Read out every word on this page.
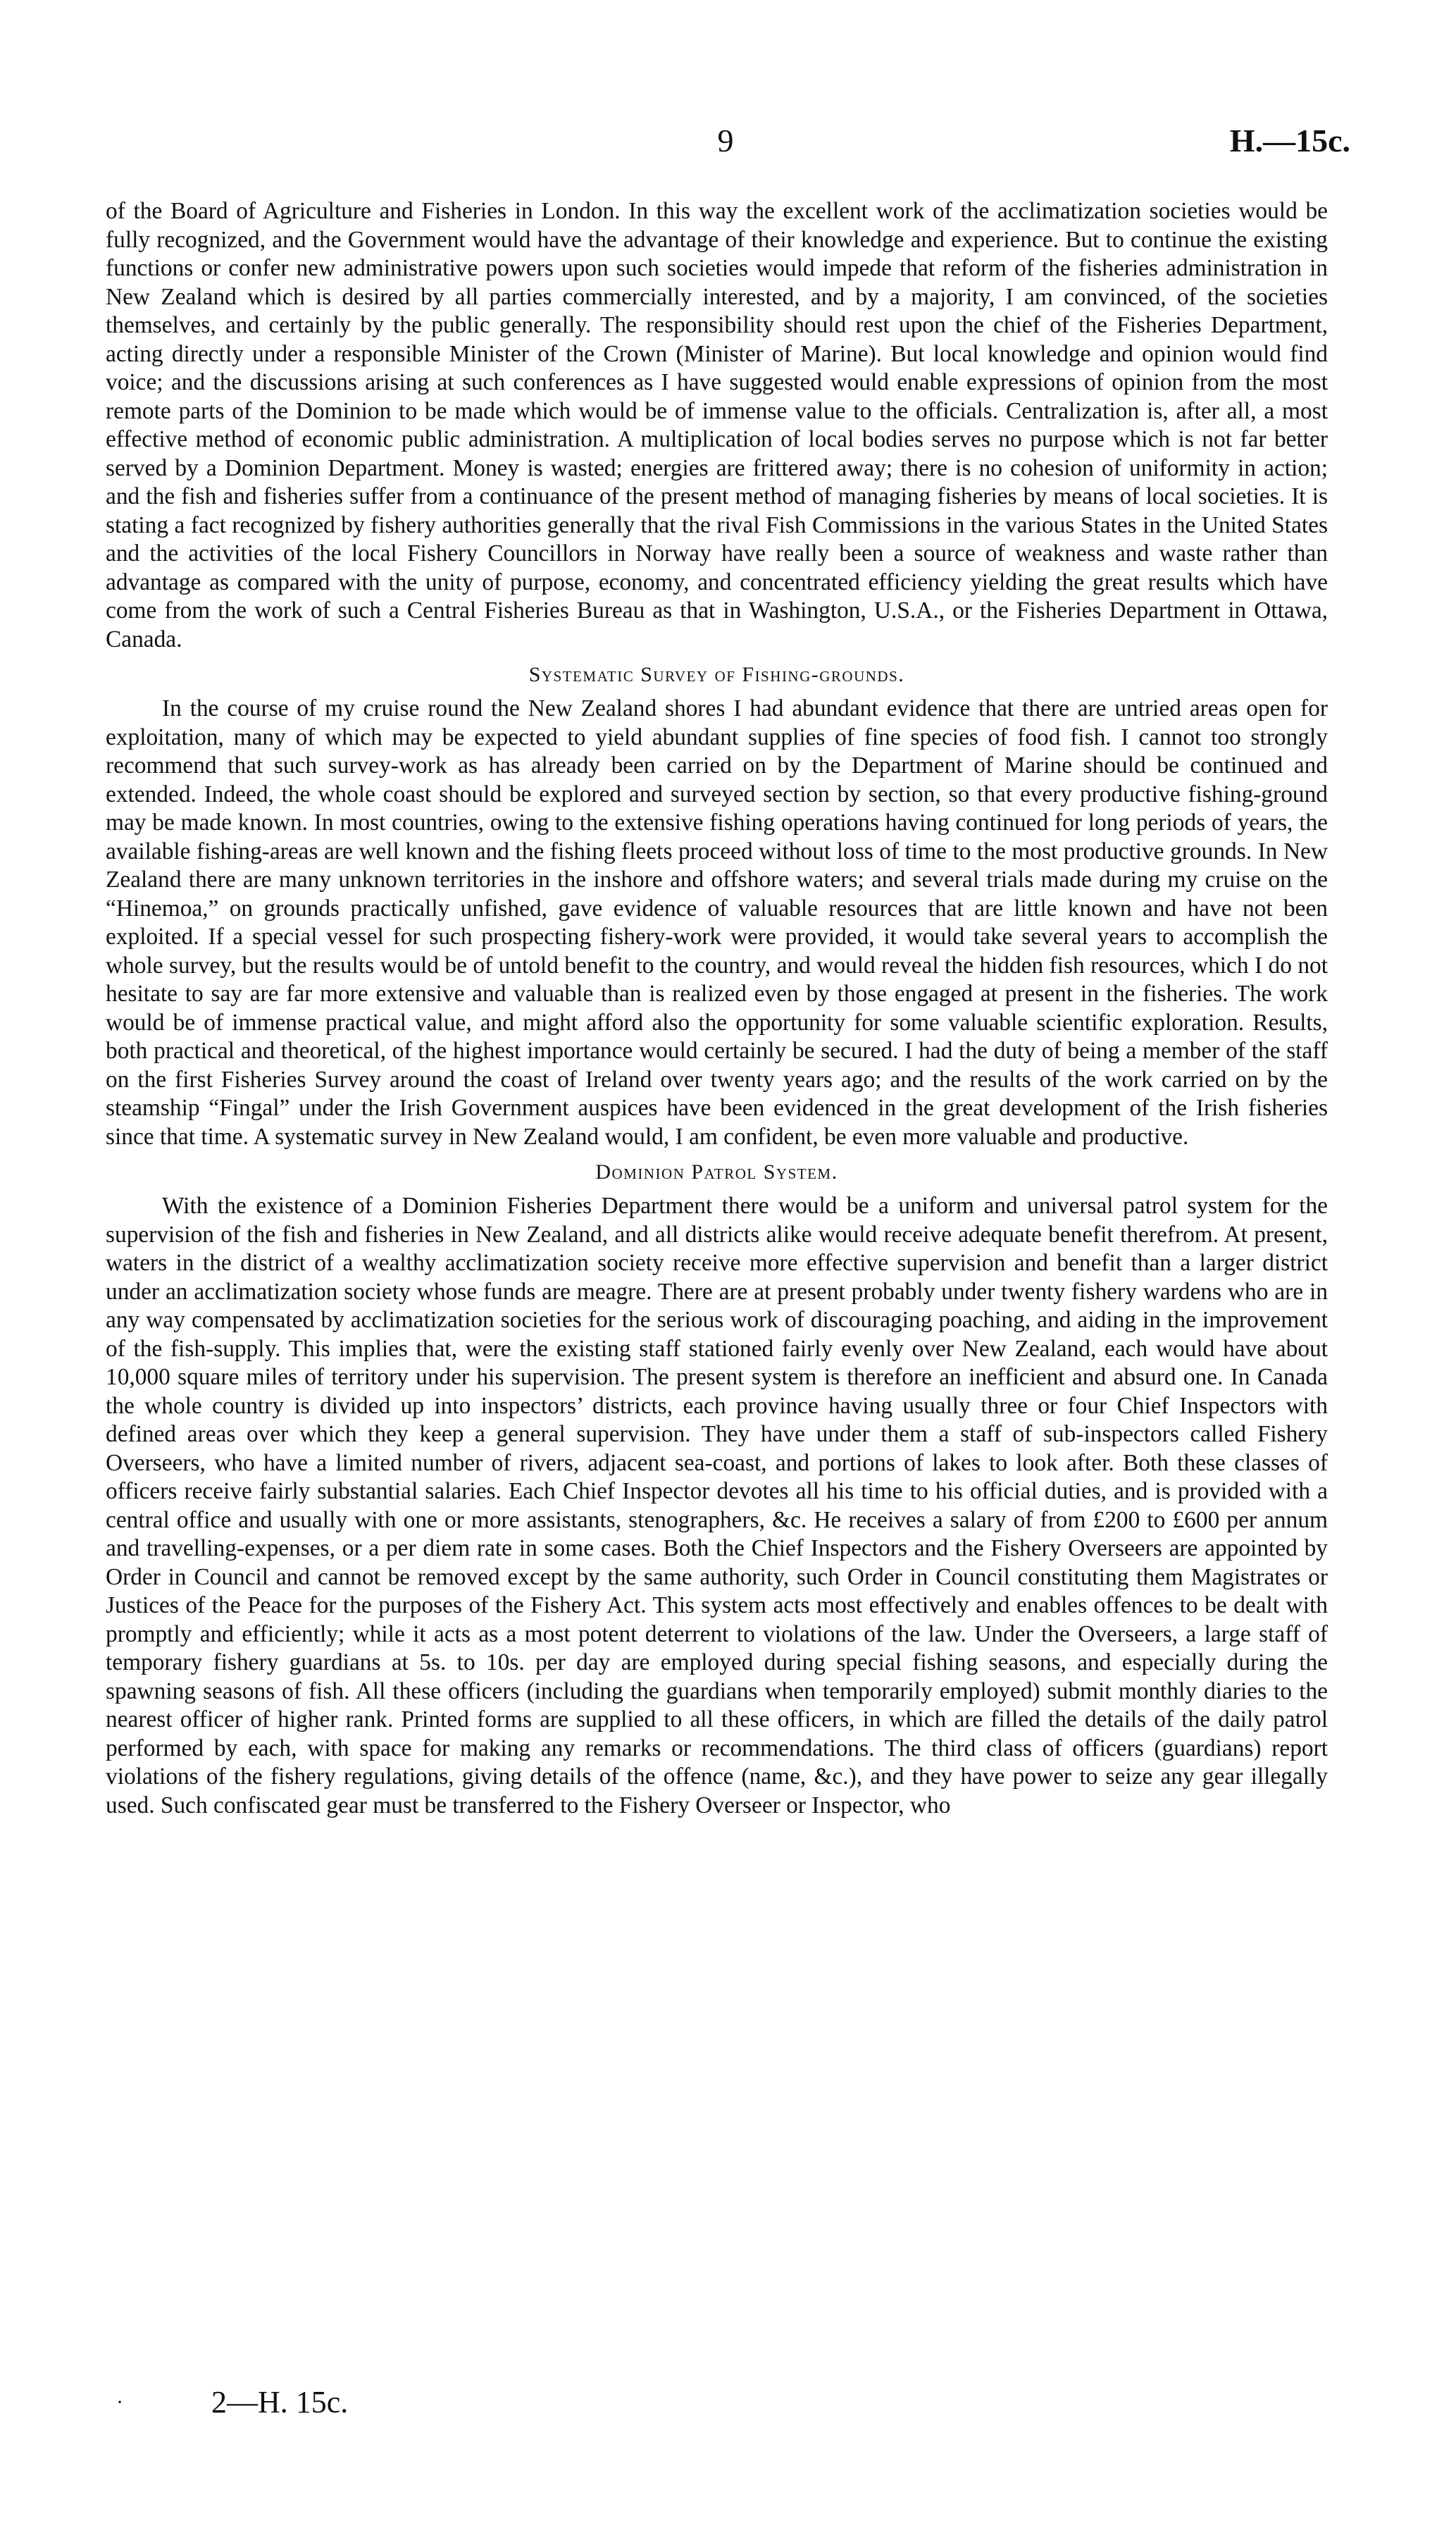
9	H.—15c.

of the Board of Agriculture and Fisheries in London. In this way the excellent work of the acclimatization societies would be fully recognized, and the Government would have the advantage of their knowledge and experience. But to continue the existing functions or confer new administrative powers upon such societies would impede that reform of the fisheries administration in New Zealand which is desired by all parties commercially interested, and by a majority, I am convinced, of the societies themselves, and certainly by the public generally. The responsibility should rest upon the chief of the Fisheries Department, acting directly under a responsible Minister of the Crown (Minister of Marine). But local knowledge and opinion would find voice; and the discussions arising at such conferences as I have suggested would enable expressions of opinion from the most remote parts of the Dominion to be made which would be of immense value to the officials. Centralization is, after all, a most effective method of economic public administration. A multiplication of local bodies serves no purpose which is not far better served by a Dominion Department. Money is wasted; energies are frittered away; there is no cohesion of uniformity in action; and the fish and fisheries suffer from a continuance of the present method of managing fisheries by means of local societies. It is stating a fact recognized by fishery authorities generally that the rival Fish Commissions in the various States in the United States and the activities of the local Fishery Councillors in Norway have really been a source of weakness and waste rather than advantage as compared with the unity of purpose, economy, and concentrated efficiency yielding the great results which have come from the work of such a Central Fisheries Bureau as that in Washington, U.S.A., or the Fisheries Department in Ottawa, Canada.

Systematic Survey of Fishing-grounds.

In the course of my cruise round the New Zealand shores I had abundant evidence that there are untried areas open for exploitation, many of which may be expected to yield abundant supplies of fine species of food fish. I cannot too strongly recommend that such survey-work as has already been carried on by the Department of Marine should be continued and extended. Indeed, the whole coast should be explored and surveyed section by section, so that every productive fishing-ground may be made known. In most countries, owing to the extensive fishing operations having continued for long periods of years, the available fishing-areas are well known and the fishing fleets proceed without loss of time to the most productive grounds. In New Zealand there are many unknown territories in the inshore and offshore waters; and several trials made during my cruise on the “Hinemoa,” on grounds practically unfished, gave evidence of valuable resources that are little known and have not been exploited. If a special vessel for such prospecting fishery-work were provided, it would take several years to accomplish the whole survey, but the results would be of untold benefit to the country, and would reveal the hidden fish resources, which I do not hesitate to say are far more extensive and valuable than is realized even by those engaged at present in the fisheries. The work would be of immense practical value, and might afford also the opportunity for some valuable scientific exploration. Results, both practical and theoretical, of the highest importance would certainly be secured. I had the duty of being a member of the staff on the first Fisheries Survey around the coast of Ireland over twenty years ago; and the results of the work carried on by the steamship “Fingal” under the Irish Government auspices have been evidenced in the great development of the Irish fisheries since that time. A systematic survey in New Zealand would, I am confident, be even more valuable and productive.

Dominion Patrol System.

With the existence of a Dominion Fisheries Department there would be a uniform and universal patrol system for the supervision of the fish and fisheries in New Zealand, and all districts alike would receive adequate benefit therefrom. At present, waters in the district of a wealthy acclimatization society receive more effective supervision and benefit than a larger district under an acclimatization society whose funds are meagre. There are at present probably under twenty fishery wardens who are in any way compensated by acclimatization societies for the serious work of discouraging poaching, and aiding in the improvement of the fish-supply. This implies that, were the existing staff stationed fairly evenly over New Zealand, each would have about 10,000 square miles of territory under his supervision. The present system is therefore an inefficient and absurd one. In Canada the whole country is divided up into inspectors’ districts, each province having usually three or four Chief Inspectors with defined areas over which they keep a general supervision. They have under them a staff of sub-inspectors called Fishery Overseers, who have a limited number of rivers, adjacent sea-coast, and portions of lakes to look after. Both these classes of officers receive fairly substantial salaries. Each Chief Inspector devotes all his time to his official duties, and is provided with a central office and usually with one or more assistants, stenographers, &c. He receives a salary of from £200 to £600 per annum and travelling-expenses, or a per diem rate in some cases. Both the Chief Inspectors and the Fishery Overseers are appointed by Order in Council and cannot be removed except by the same authority, such Order in Council constituting them Magistrates or Justices of the Peace for the purposes of the Fishery Act. This system acts most effectively and enables offences to be dealt with promptly and efficiently; while it acts as a most potent deterrent to violations of the law. Under the Overseers, a large staff of temporary fishery guardians at 5s. to 10s. per day are employed during special fishing seasons, and especially during the spawning seasons of fish. All these officers (including the guardians when temporarily employed) submit monthly diaries to the nearest officer of higher rank. Printed forms are supplied to all these officers, in which are filled the details of the daily patrol performed by each, with space for making any remarks or recommendations. The third class of officers (guardians) report violations of the fishery regulations, giving details of the offence (name, &c.), and they have power to seize any gear illegally used. Such confiscated gear must be transferred to the Fishery Overseer or Inspector, who

·	2—H. 15c.
